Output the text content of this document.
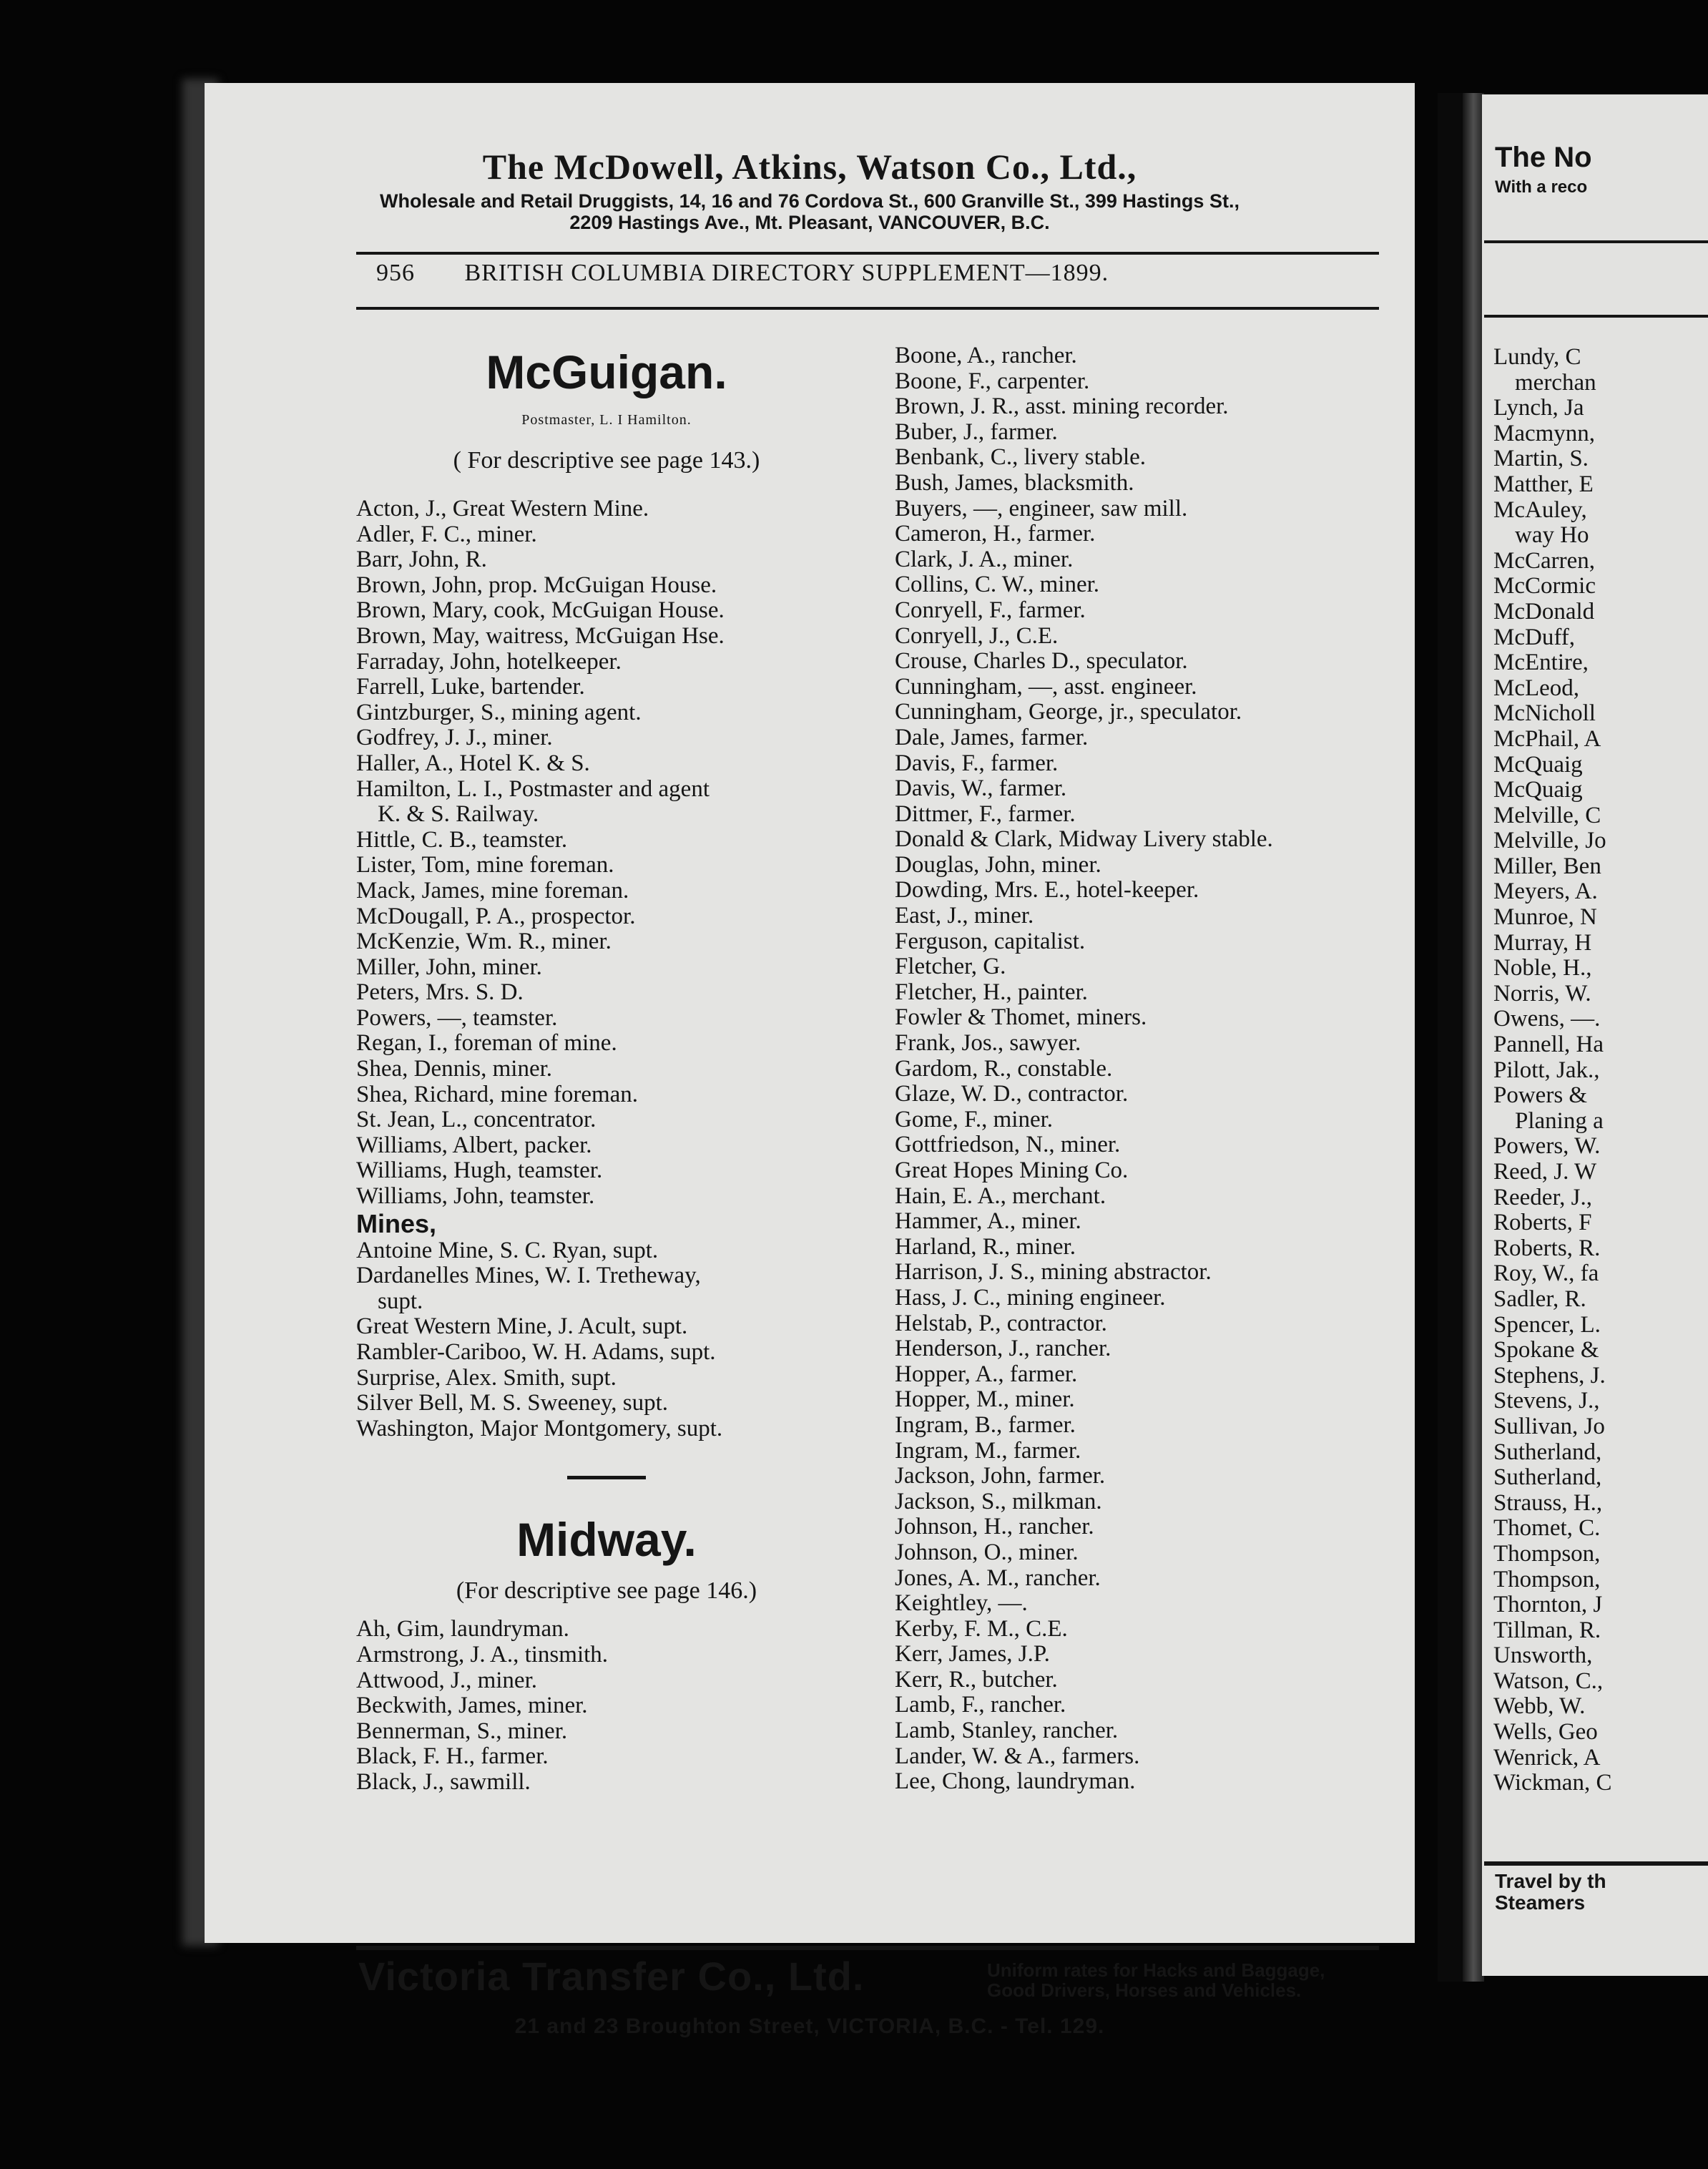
The McDowell, Atkins, Watson Co., Ltd.,
Wholesale and Retail Druggists, 14, 16 and 76 Cordova St., 600 Granville St., 399 Hastings St.,
2209 Hastings Ave., Mt. Pleasant, VANCOUVER, B.C.
956 BRITISH COLUMBIA DIRECTORY SUPPLEMENT—1899.
McGuigan.
Postmaster, L. I Hamilton.
( For descriptive see page 143.)
Acton, J., Great Western Mine.
Adler, F. C., miner.
Barr, John, R.
Brown, John, prop. McGuigan House.
Brown, Mary, cook, McGuigan House.
Brown, May, waitress, McGuigan Hse.
Farraday, John, hotelkeeper.
Farrell, Luke, bartender.
Gintzburger, S., mining agent.
Godfrey, J. J., miner.
Haller, A., Hotel K. & S.
Hamilton, L. I., Postmaster and agent
K. & S. Railway.
Hittle, C. B., teamster.
Lister, Tom, mine foreman.
Mack, James, mine foreman.
McDougall, P. A., prospector.
McKenzie, Wm. R., miner.
Miller, John, miner.
Peters, Mrs. S. D.
Powers, —, teamster.
Regan, I., foreman of mine.
Shea, Dennis, miner.
Shea, Richard, mine foreman.
St. Jean, L., concentrator.
Williams, Albert, packer.
Williams, Hugh, teamster.
Williams, John, teamster.
Mines,
Antoine Mine, S. C. Ryan, supt.
Dardanelles Mines, W. I. Tretheway,
supt.
Great Western Mine, J. Acult, supt.
Rambler-Cariboo, W. H. Adams, supt.
Surprise, Alex. Smith, supt.
Silver Bell, M. S. Sweeney, supt.
Washington, Major Montgomery, supt.
Midway.
(For descriptive see page 146.)
Ah, Gim, laundryman.
Armstrong, J. A., tinsmith.
Attwood, J., miner.
Beckwith, James, miner.
Bennerman, S., miner.
Black, F. H., farmer.
Black, J., sawmill.
Boone, A., rancher.
Boone, F., carpenter.
Brown, J. R., asst. mining recorder.
Buber, J., farmer.
Benbank, C., livery stable.
Bush, James, blacksmith.
Buyers, —, engineer, saw mill.
Cameron, H., farmer.
Clark, J. A., miner.
Collins, C. W., miner.
Conryell, F., farmer.
Conryell, J., C.E.
Crouse, Charles D., speculator.
Cunningham, —, asst. engineer.
Cunningham, George, jr., speculator.
Dale, James, farmer.
Davis, F., farmer.
Davis, W., farmer.
Dittmer, F., farmer.
Donald & Clark, Midway Livery stable.
Douglas, John, miner.
Dowding, Mrs. E., hotel-keeper.
East, J., miner.
Ferguson, capitalist.
Fletcher, G.
Fletcher, H., painter.
Fowler & Thomet, miners.
Frank, Jos., sawyer.
Gardom, R., constable.
Glaze, W. D., contractor.
Gome, F., miner.
Gottfriedson, N., miner.
Great Hopes Mining Co.
Hain, E. A., merchant.
Hammer, A., miner.
Harland, R., miner.
Harrison, J. S., mining abstractor.
Hass, J. C., mining engineer.
Helstab, P., contractor.
Henderson, J., rancher.
Hopper, A., farmer.
Hopper, M., miner.
Ingram, B., farmer.
Ingram, M., farmer.
Jackson, John, farmer.
Jackson, S., milkman.
Johnson, H., rancher.
Johnson, O., miner.
Jones, A. M., rancher.
Keightley, —.
Kerby, F. M., C.E.
Kerr, James, J.P.
Kerr, R., butcher.
Lamb, F., rancher.
Lamb, Stanley, rancher.
Lander, W. & A., farmers.
Lee, Chong, laundryman.
Victoria Transfer Co., Ltd.	Uniform rates for Hacks and Baggage,
Good Drivers, Horses and Vehicles.
21 and 23 Broughton Street, VICTORIA, B.C. - Tel. 129.
The No
With a reco
Lundy, C
merchan
Lynch, Ja
Macmynn,
Martin, S.
Matther, E
McAuley,
way Ho
McCarren,
McCormic
McDonald
McDuff,
McEntire,
McLeod,
McNicholl
McPhail, A
McQuaig
McQuaig
Melville, C
Melville, Jo
Miller, Ben
Meyers, A.
Munroe, N
Murray, H
Noble, H.,
Norris, W.
Owens, —.
Pannell, Ha
Pilott, Jak.,
Powers &
Planing a
Powers, W.
Reed, J. W
Reeder, J.,
Roberts, F
Roberts, R.
Roy, W., fa
Sadler, R.
Spencer, L.
Spokane &
Stephens, J.
Stevens, J.,
Sullivan, Jo
Sutherland,
Sutherland,
Strauss, H.,
Thomet, C.
Thompson,
Thompson,
Thornton, J
Tillman, R.
Unsworth,
Watson, C.,
Webb, W.
Wells, Geo
Wenrick, A
Wickman, C
Travel by th
Steamers
